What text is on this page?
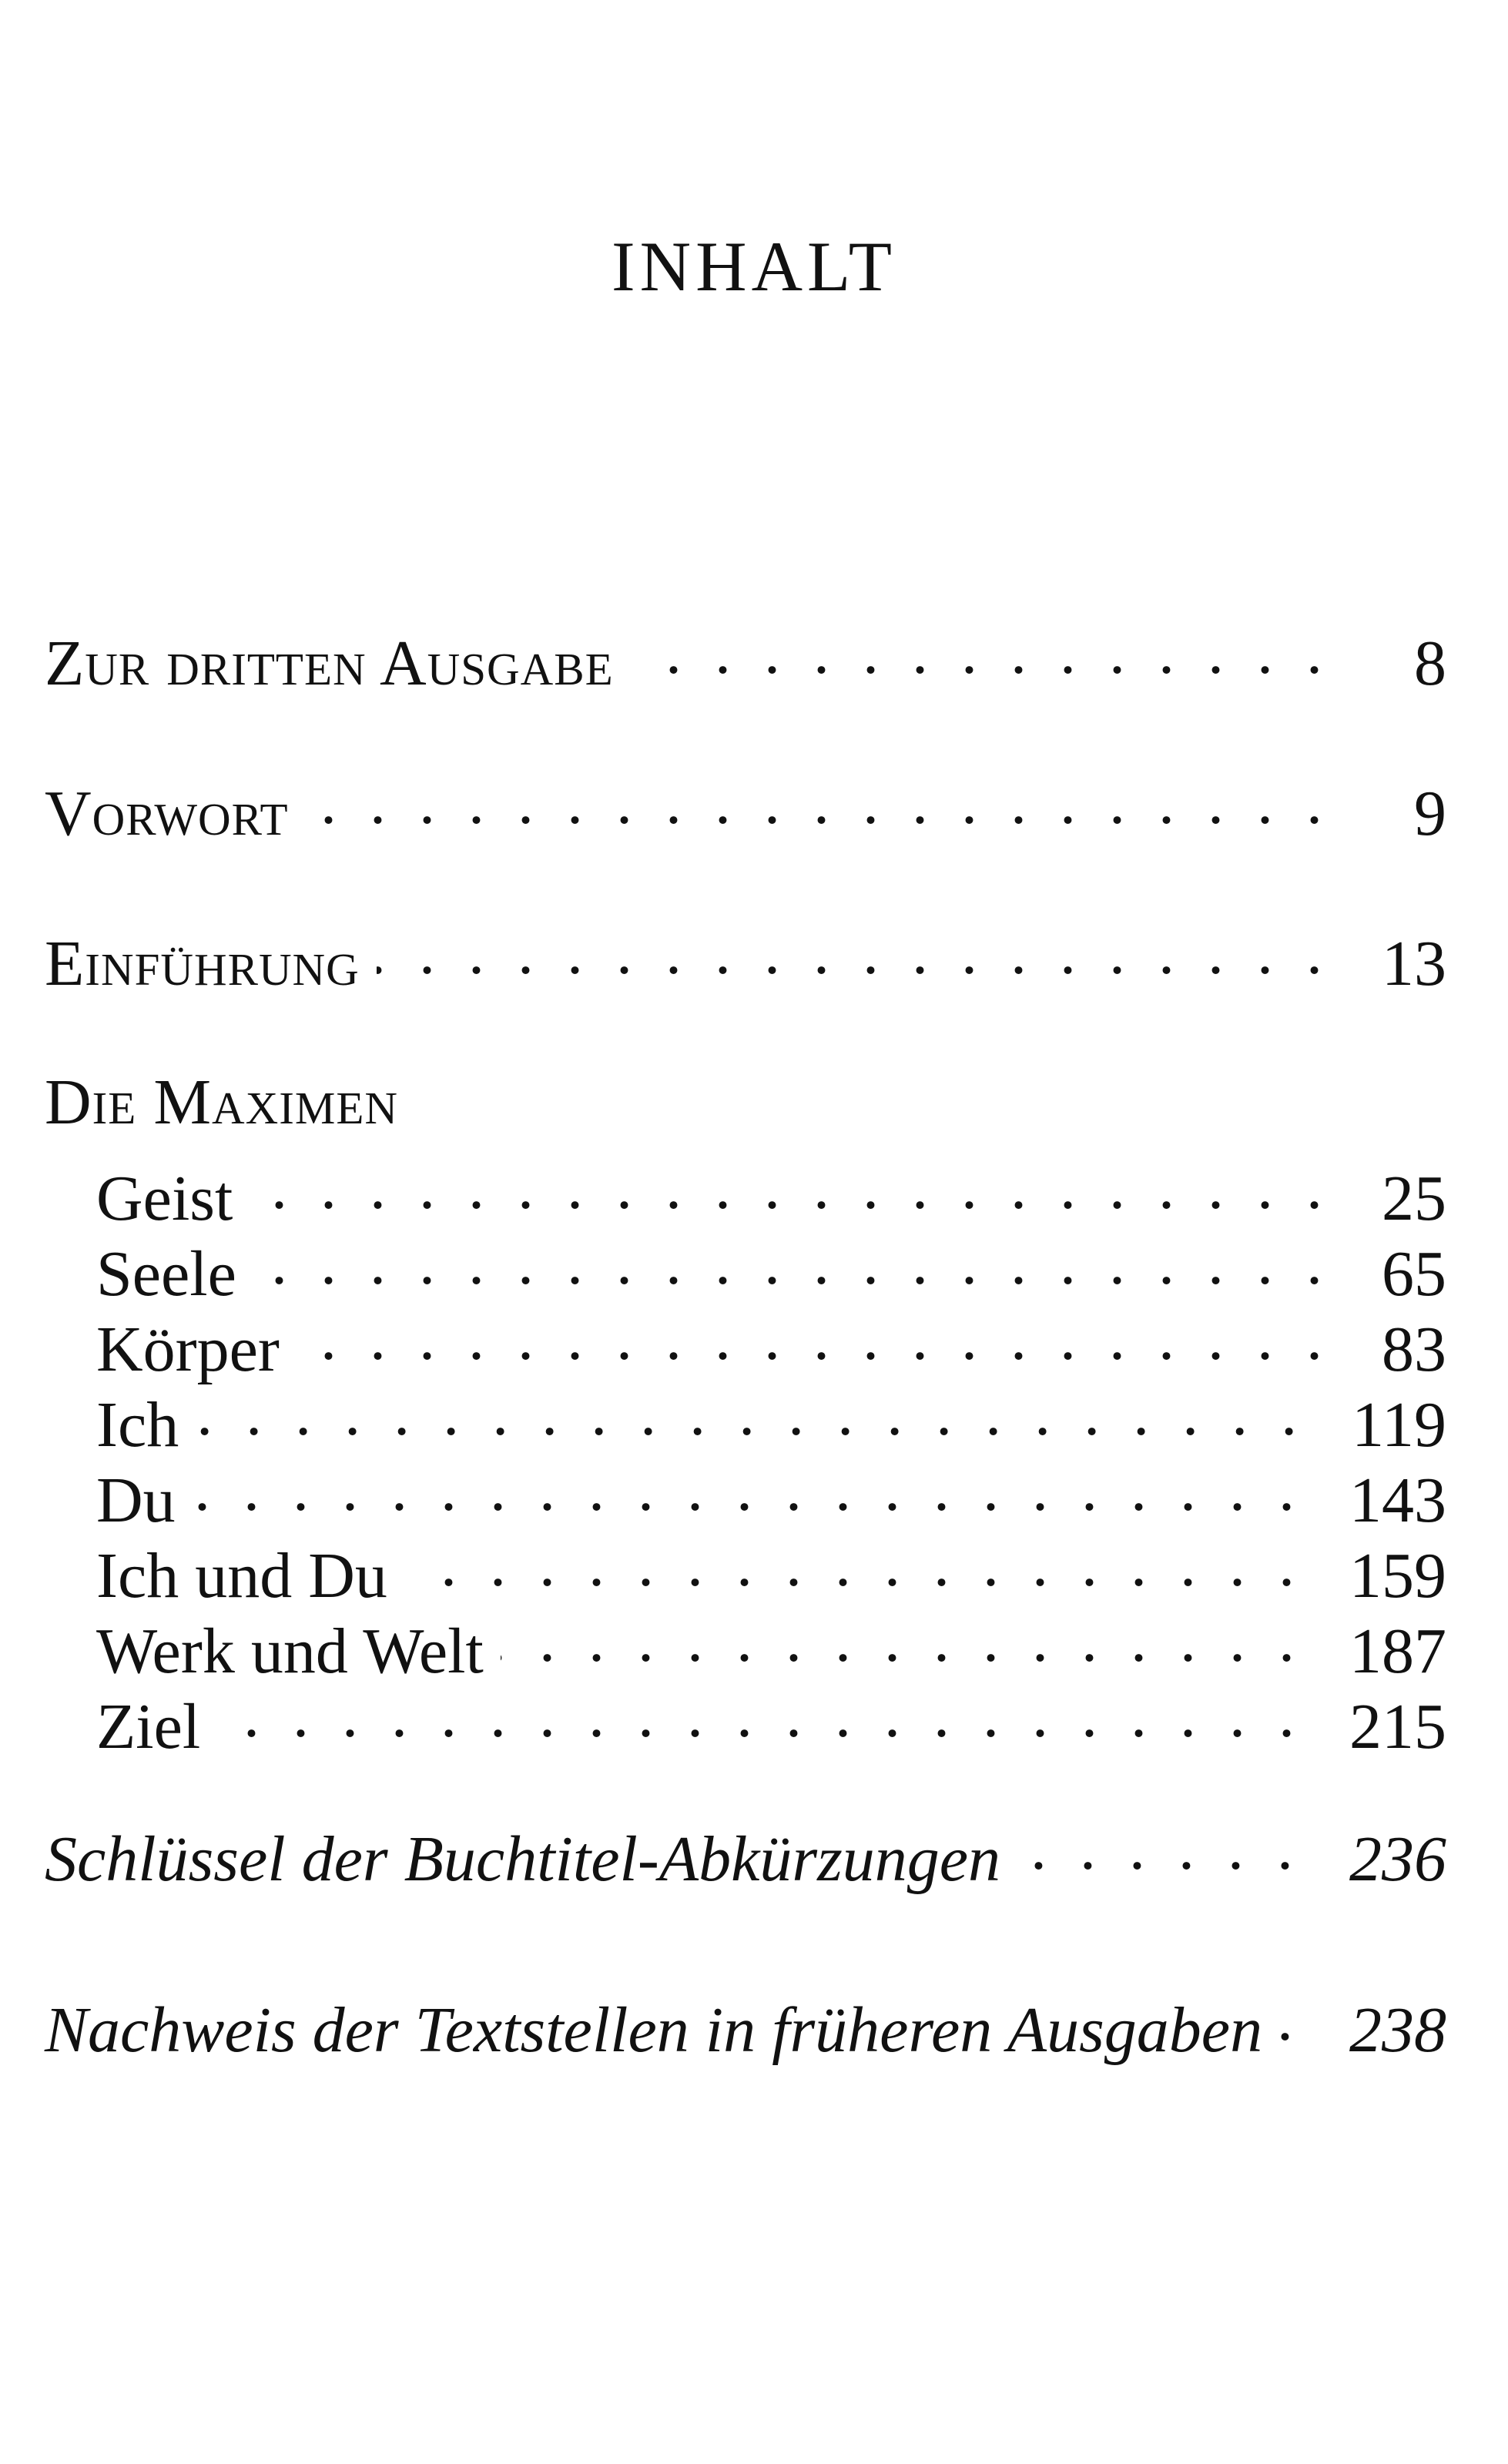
INHALT
Zur dritten Ausgabe . . .	8
Vorwort . . .	9
Einführung . . .	13
Die Maximen
Geist . . .	25
Seele . . .	65
Körper . . .	83
Ich . . .	119
Du . . .	143
Ich und Du . . .	159
Werk und Welt . . .	187
Ziel . . .	215
Schlüssel der Buchtitel-Abkürzungen . . .	236
Nachweis der Textstellen in früheren Ausgaben . . . 238
